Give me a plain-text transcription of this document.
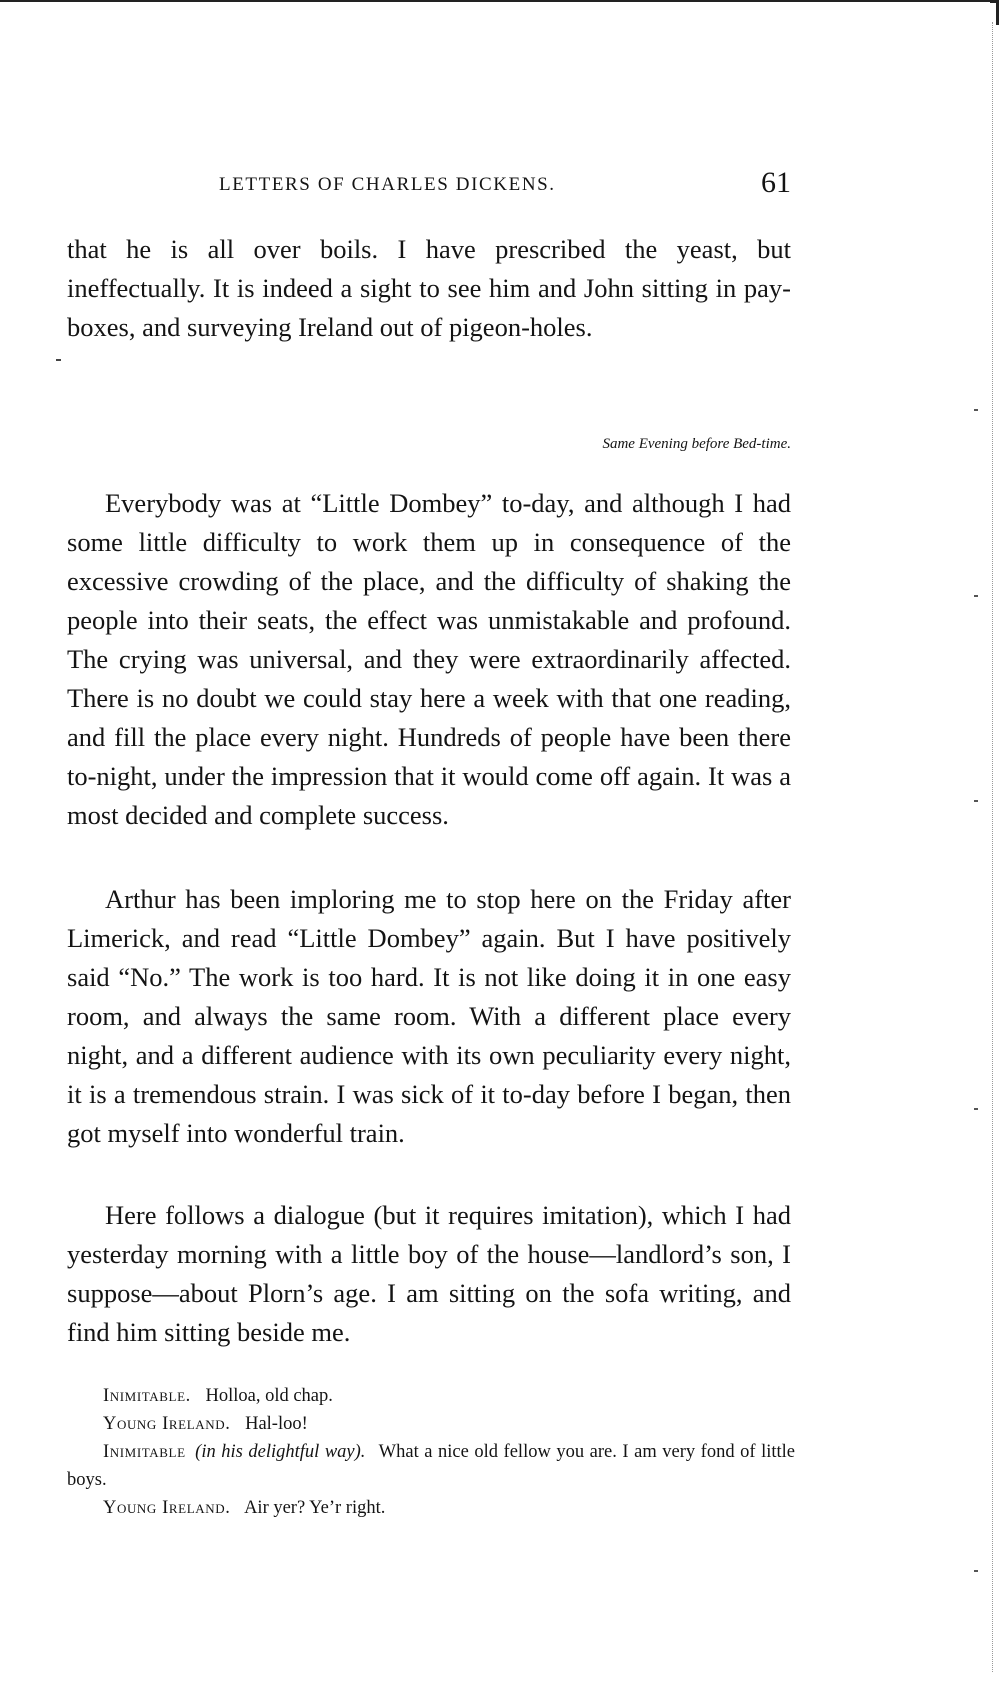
LETTERS OF CHARLES DICKENS.	61

that he is all over boils. I have prescribed the yeast, but ineffectually. It is indeed a sight to see him and John sitting in pay-boxes, and surveying Ireland out of pigeon-holes.

Same Evening before Bed-time.

Everybody was at “Little Dombey” to-day, and although I had some little difficulty to work them up in consequence of the excessive crowding of the place, and the difficulty of shaking the people into their seats, the effect was unmistakable and profound. The crying was universal, and they were extraordinarily affected. There is no doubt we could stay here a week with that one reading, and fill the place every night. Hundreds of people have been there to-night, under the impression that it would come off again. It was a most decided and complete success.

Arthur has been imploring me to stop here on the Friday after Limerick, and read “Little Dombey” again. But I have positively said “No.” The work is too hard. It is not like doing it in one easy room, and always the same room. With a different place every night, and a different audience with its own peculiarity every night, it is a tremendous strain. I was sick of it to-day before I began, then got myself into wonderful train.

Here follows a dialogue (but it requires imitation), which I had yesterday morning with a little boy of the house—landlord’s son, I suppose—about Plorn’s age. I am sitting on the sofa writing, and find him sitting beside me.

Inimitable. Holloa, old chap.

Young Ireland. Hal-loo!

Inimitable (in his delightful way). What a nice old fellow you are. I am very fond of little boys.

Young Ireland. Air yer? Ye’r right.
